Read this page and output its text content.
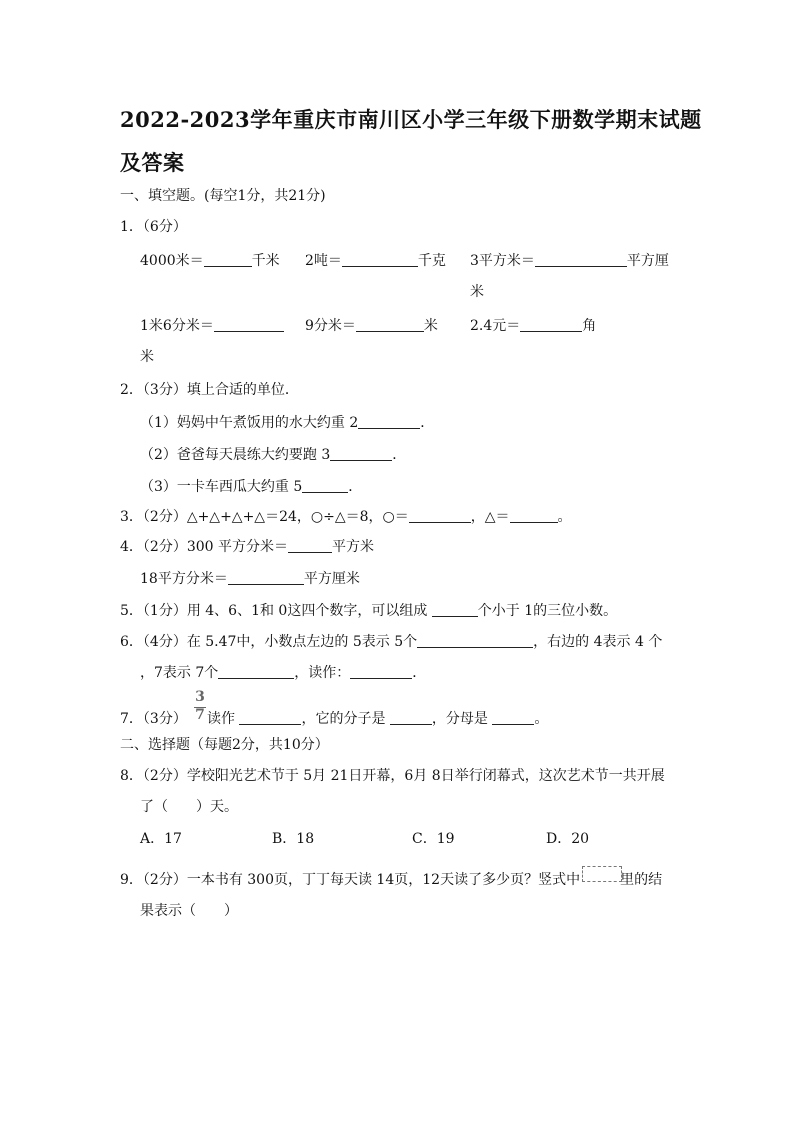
2022-2023学年重庆市南川区小学三年级下册数学期末试题
及答案
一、填空题。(每空1分，共21分)
1．（6分）
4000米＝	千米 2吨＝	千克 3平方米＝	平方厘
米
1米6分米＝	9分米＝	米 2.4元＝	角
米
2．（3分）填上合适的单位．
（1）妈妈中午煮饭用的水大约重 2	．
（2）爸爸每天晨练大约要跑 3	．
（3）一卡车西瓜大约重 5	．
3．（2分）△+△+△+△＝24，○÷△＝8，○＝	，△＝	。
4．（2分）300 平方分米＝	平方米
18平方分米＝	平方厘米
5．（1分）用 4、6、1和 0这四个数字，可以组成	个小于 1的三位小数。
6．（4分）在 5.47中，小数点左边的 5表示 5个	，右边的 4表示 4 个
，7表示 7个	，读作：	．
7．（3分）
3
7 读作	，它的分子是	，分母是	。
二、选择题（每题2分，共10分）
8．（2分）学校阳光艺术节于 5月 21日开幕，6月 8日举行闭幕式，这次艺术节一共开展
了（　　）天。
A．17	B．18	C．19	D．20
9．（2分）一本书有 300页，丁丁每天读 14页，12天读了多少页？竖式中	里的结
果表示（　　）
